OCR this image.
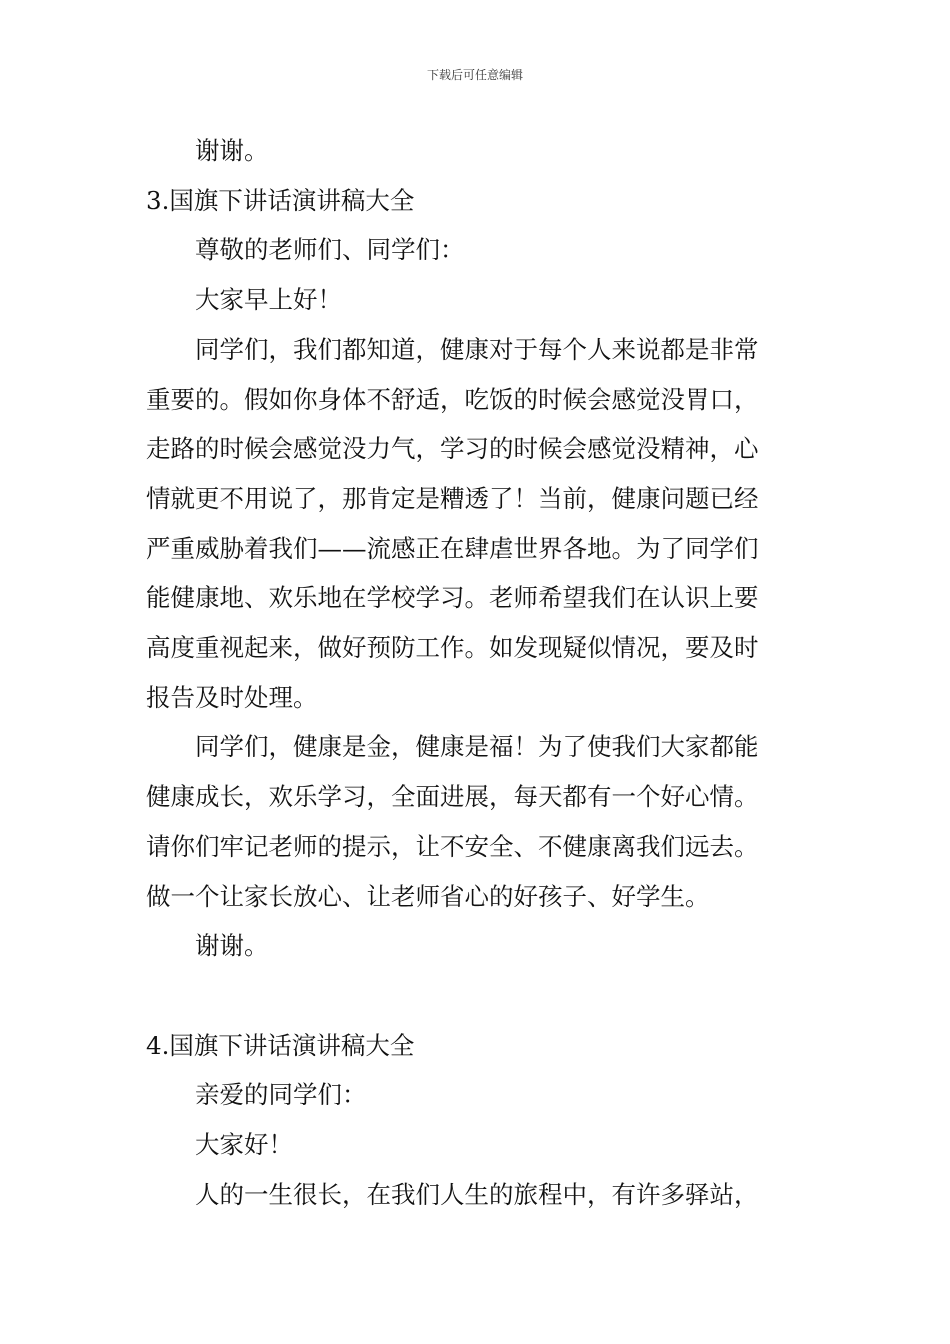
下载后可任意编辑

谢谢。

3.国旗下讲话演讲稿大全

尊敬的老师们、同学们：

大家早上好！

同学们，我们都知道，健康对于每个人来说都是非常

重要的。假如你身体不舒适，吃饭的时候会感觉没胃口，

走路的时候会感觉没力气，学习的时候会感觉没精神，心

情就更不用说了，那肯定是糟透了！当前，健康问题已经

严重威胁着我们——流感正在肆虐世界各地。为了同学们

能健康地、欢乐地在学校学习。老师希望我们在认识上要

高度重视起来，做好预防工作。如发现疑似情况，要及时

报告及时处理。

同学们，健康是金，健康是福！为了使我们大家都能

健康成长，欢乐学习，全面进展，每天都有一个好心情。

请你们牢记老师的提示，让不安全、不健康离我们远去。

做一个让家长放心、让老师省心的好孩子、好学生。

谢谢。

4.国旗下讲话演讲稿大全

亲爱的同学们：

大家好！

人的一生很长，在我们人生的旅程中，有许多驿站，
